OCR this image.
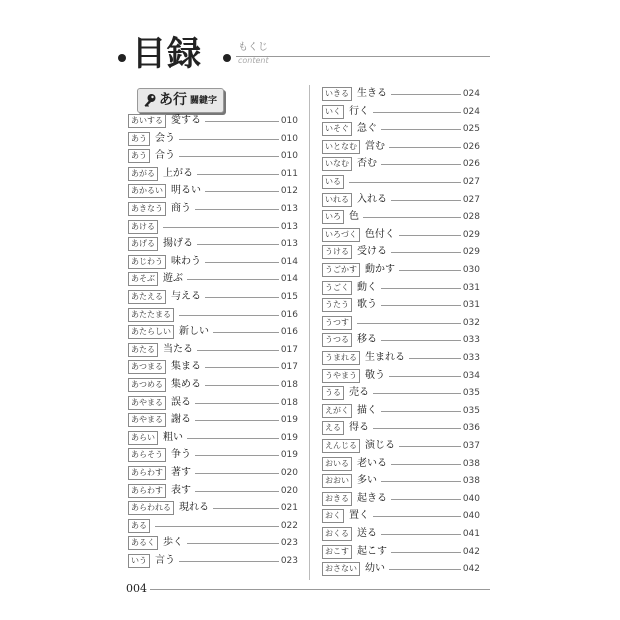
目録	もくじ
content
あ行 關鍵字
あいする 愛する	010
あう 会う	010
あう 合う	010
あがる 上がる	011
あかるい 明るい	012
あきなう 商う	013
あける	013
あげる 揚げる	013
あじわう 味わう	014
あそぶ 遊ぶ	014
あたえる 与える	015
あたたまる	016
あたらしい 新しい	016
あたる 当たる	017
あつまる 集まる	017
あつめる 集める	018
あやまる 誤る	018
あやまる 謝る	019
あらい 粗い	019
あらそう 争う	019
あらわす 著す	020
あらわす 表す	020
あらわれる 現れる	021
ある	022
あるく 歩く	023
いう 言う	023
いきる 生きる	024
いく 行く	024
いそぐ 急ぐ	025
いとなむ 営む	026
いなむ 否む	026
いる	027
いれる 入れる	027
いろ 色	028
いろづく 色付く	029
うける 受ける	029
うごかす 動かす	030
うごく 動く	031
うたう 歌う	031
うつす	032
うつる 移る	033
うまれる 生まれる	033
うやまう 敬う	034
うる 売る	035
えがく 描く	035
える 得る	036
えんじる 演じる	037
おいる 老いる	038
おおい 多い	038
おきる 起きる	040
おく 置く	040
おくる 送る	041
おこす 起こす	042
おさない 幼い	042
004
